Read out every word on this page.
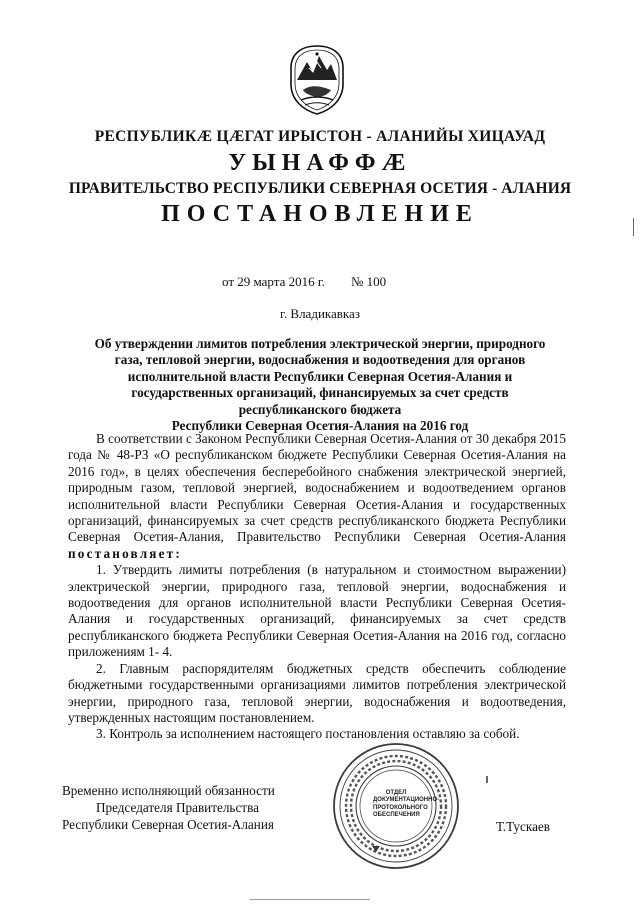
РЕСПУБЛИКÆ ЦÆГАТ ИРЫСТОН - АЛАНИЙЫ ХИЦАУАД
УЫНАФФÆ
ПРАВИТЕЛЬСТВО РЕСПУБЛИКИ СЕВЕРНАЯ ОСЕТИЯ - АЛАНИЯ
ПОСТАНОВЛЕНИЕ
от 29 марта 2016 г. № 100
г. Владикавказ
Об утверждении лимитов потребления электрической энергии, природного
газа, тепловой энергии, водоснабжения и водоотведения для органов
исполнительной власти Республики Северная Осетия-Алания и
государственных организаций, финансируемых за счет средств
республиканского бюджета
Республики Северная Осетия-Алания на 2016 год

В соответствии с Законом Республики Северная Осетия-Алания от 30 декабря 2015 года № 48-РЗ «О республиканском бюджете Республики Северная Осетия-Алания на 2016 год», в целях обеспечения бесперебойного снабжения электрической энергией, природным газом, тепловой энергией, водоснабжением и водоотведением органов исполнительной власти Республики Северная Осетия-Алания и государственных организаций, финансируемых за счет средств республиканского бюджета Республики Северная Осетия-Алания, Правительство Республики Северная Осетия-Алания постановляет:

1. Утвердить лимиты потребления (в натуральном и стоимостном выражении) электрической энергии, природного газа, тепловой энергии, водоснабжения и водоотведения для органов исполнительной власти Республики Северная Осетия-Алания и государственных организаций, финансируемых за счет средств республиканского бюджета Республики Северная Осетия-Алания на 2016 год, согласно приложениям 1- 4.

2. Главным распорядителям бюджетных средств обеспечить соблюдение бюджетными государственными организациями лимитов потребления электрической энергии, природного газа, тепловой энергии, водоснабжения и водоотведения, утвержденных настоящим постановлением.

3. Контроль за исполнением настоящего постановления оставляю за собой.

Временно исполняющий обязанности
Председателя Правительства
Республики Северная Осетия-Алания
ОТДЕЛ ДОКУМЕНТАЦИОННО-ПРОТОКОЛЬНОГО ОБЕСПЕЧЕНИЯ
Т.Тускаев
